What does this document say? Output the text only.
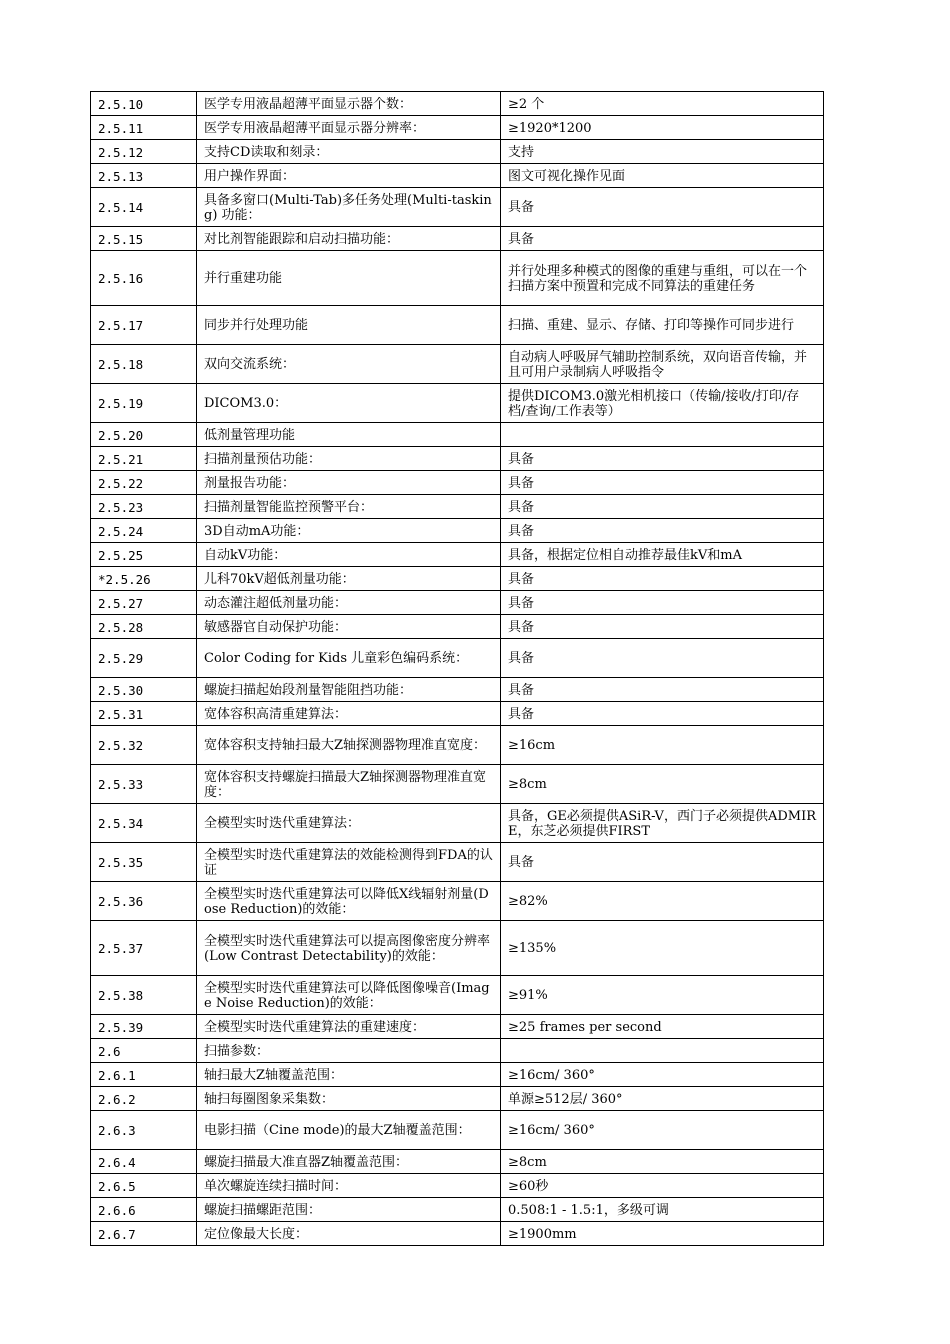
2.5.10	医学专用液晶超薄平面显示器个数：	≥2 个
2.5.11	医学专用液晶超薄平面显示器分辨率：	≥1920*1200
2.5.12	支持CD读取和刻录：	支持
2.5.13	用户操作界面：	图文可视化操作见面
2.5.14	具备多窗口(Multi-Tab)多任务处理(Multi-tasking) 功能：	具备
2.5.15	对比剂智能跟踪和启动扫描功能：	具备
2.5.16	并行重建功能	并行处理多种模式的图像的重建与重组，可以在一个扫描方案中预置和完成不同算法的重建任务
2.5.17	同步并行处理功能	扫描、重建、显示、存储、打印等操作可同步进行
2.5.18	双向交流系统：	自动病人呼吸屏气辅助控制系统，双向语音传输，并且可用户录制病人呼吸指令
2.5.19	DICOM3.0：	提供DICOM3.0激光相机接口（传输/接收/打印/存档/查询/工作表等）
2.5.20	低剂量管理功能	
2.5.21	扫描剂量预估功能：	具备
2.5.22	剂量报告功能：	具备
2.5.23	扫描剂量智能监控预警平台：	具备
2.5.24	3D自动mA功能：	具备
2.5.25	自动kV功能：	具备，根据定位相自动推荐最佳kV和mA
*2.5.26	儿科70kV超低剂量功能：	具备
2.5.27	动态灌注超低剂量功能：	具备
2.5.28	敏感器官自动保护功能：	具备
2.5.29	Color Coding for Kids 儿童彩色编码系统：	具备
2.5.30	螺旋扫描起始段剂量智能阻挡功能：	具备
2.5.31	宽体容积高清重建算法：	具备
2.5.32	宽体容积支持轴扫最大Z轴探测器物理准直宽度：	≥16cm
2.5.33	宽体容积支持螺旋扫描最大Z轴探测器物理准直宽度：	≥8cm
2.5.34	全模型实时迭代重建算法：	具备，GE必须提供ASiR-V，西门子必须提供ADMIRE，东芝必须提供FIRST
2.5.35	全模型实时迭代重建算法的效能检测得到FDA的认证	具备
2.5.36	全模型实时迭代重建算法可以降低X线辐射剂量(Dose Reduction)的效能：	≥82%
2.5.37	全模型实时迭代重建算法可以提高图像密度分辨率(Low Contrast Detectability)的效能：	≥135%
2.5.38	全模型实时迭代重建算法可以降低图像噪音(Image Noise Reduction)的效能：	≥91%
2.5.39	全模型实时迭代重建算法的重建速度：	≥25 frames per second
2.6	扫描参数：	
2.6.1	轴扫最大Z轴覆盖范围：	≥16cm/ 360°
2.6.2	轴扫每圈图象采集数：	单源≥512层/ 360°
2.6.3	电影扫描（Cine mode)的最大Z轴覆盖范围：	≥16cm/ 360°
2.6.4	螺旋扫描最大准直器Z轴覆盖范围：	≥8cm
2.6.5	单次螺旋连续扫描时间：	≥60秒
2.6.6	螺旋扫描螺距范围：	0.508:1 - 1.5:1，多级可调
2.6.7	定位像最大长度：	≥1900mm
